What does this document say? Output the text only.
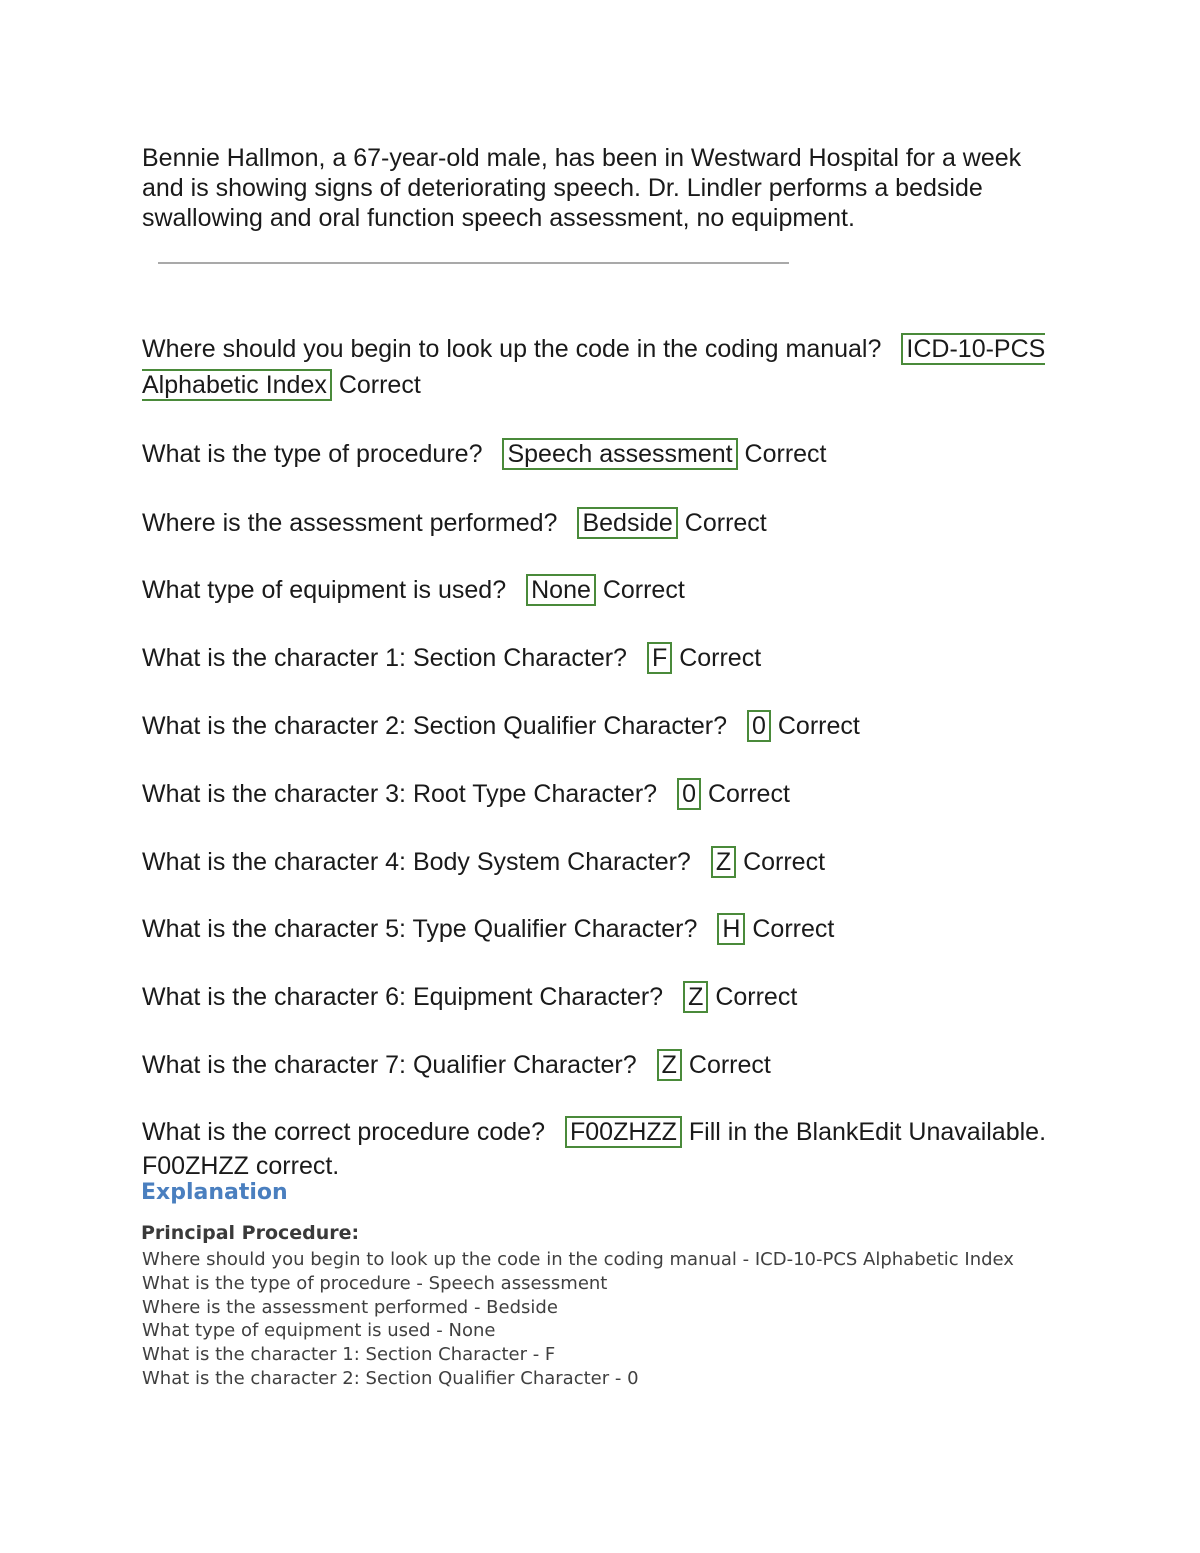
Bennie Hallmon, a 67-year-old male, has been in Westward Hospital for a week and is showing signs of deteriorating speech. Dr. Lindler performs a bedside swallowing and oral function speech assessment, no equipment.

Where should you begin to look up the code in the coding manual? ICD-10-PCS Alphabetic Index Correct

What is the type of procedure? Speech assessment Correct

Where is the assessment performed? Bedside Correct

What type of equipment is used? None Correct

What is the character 1: Section Character? F Correct

What is the character 2: Section Qualifier Character? 0 Correct

What is the character 3: Root Type Character? 0 Correct

What is the character 4: Body System Character? Z Correct

What is the character 5: Type Qualifier Character? H Correct

What is the character 6: Equipment Character? Z Correct

What is the character 7: Qualifier Character? Z Correct

What is the correct procedure code? F00ZHZZ Fill in the BlankEdit Unavailable. F00ZHZZ correct.

Explanation

Principal Procedure:

Where should you begin to look up the code in the coding manual - ICD-10-PCS Alphabetic Index
What is the type of procedure - Speech assessment
Where is the assessment performed - Bedside
What type of equipment is used - None
What is the character 1: Section Character - F
What is the character 2: Section Qualifier Character - 0
